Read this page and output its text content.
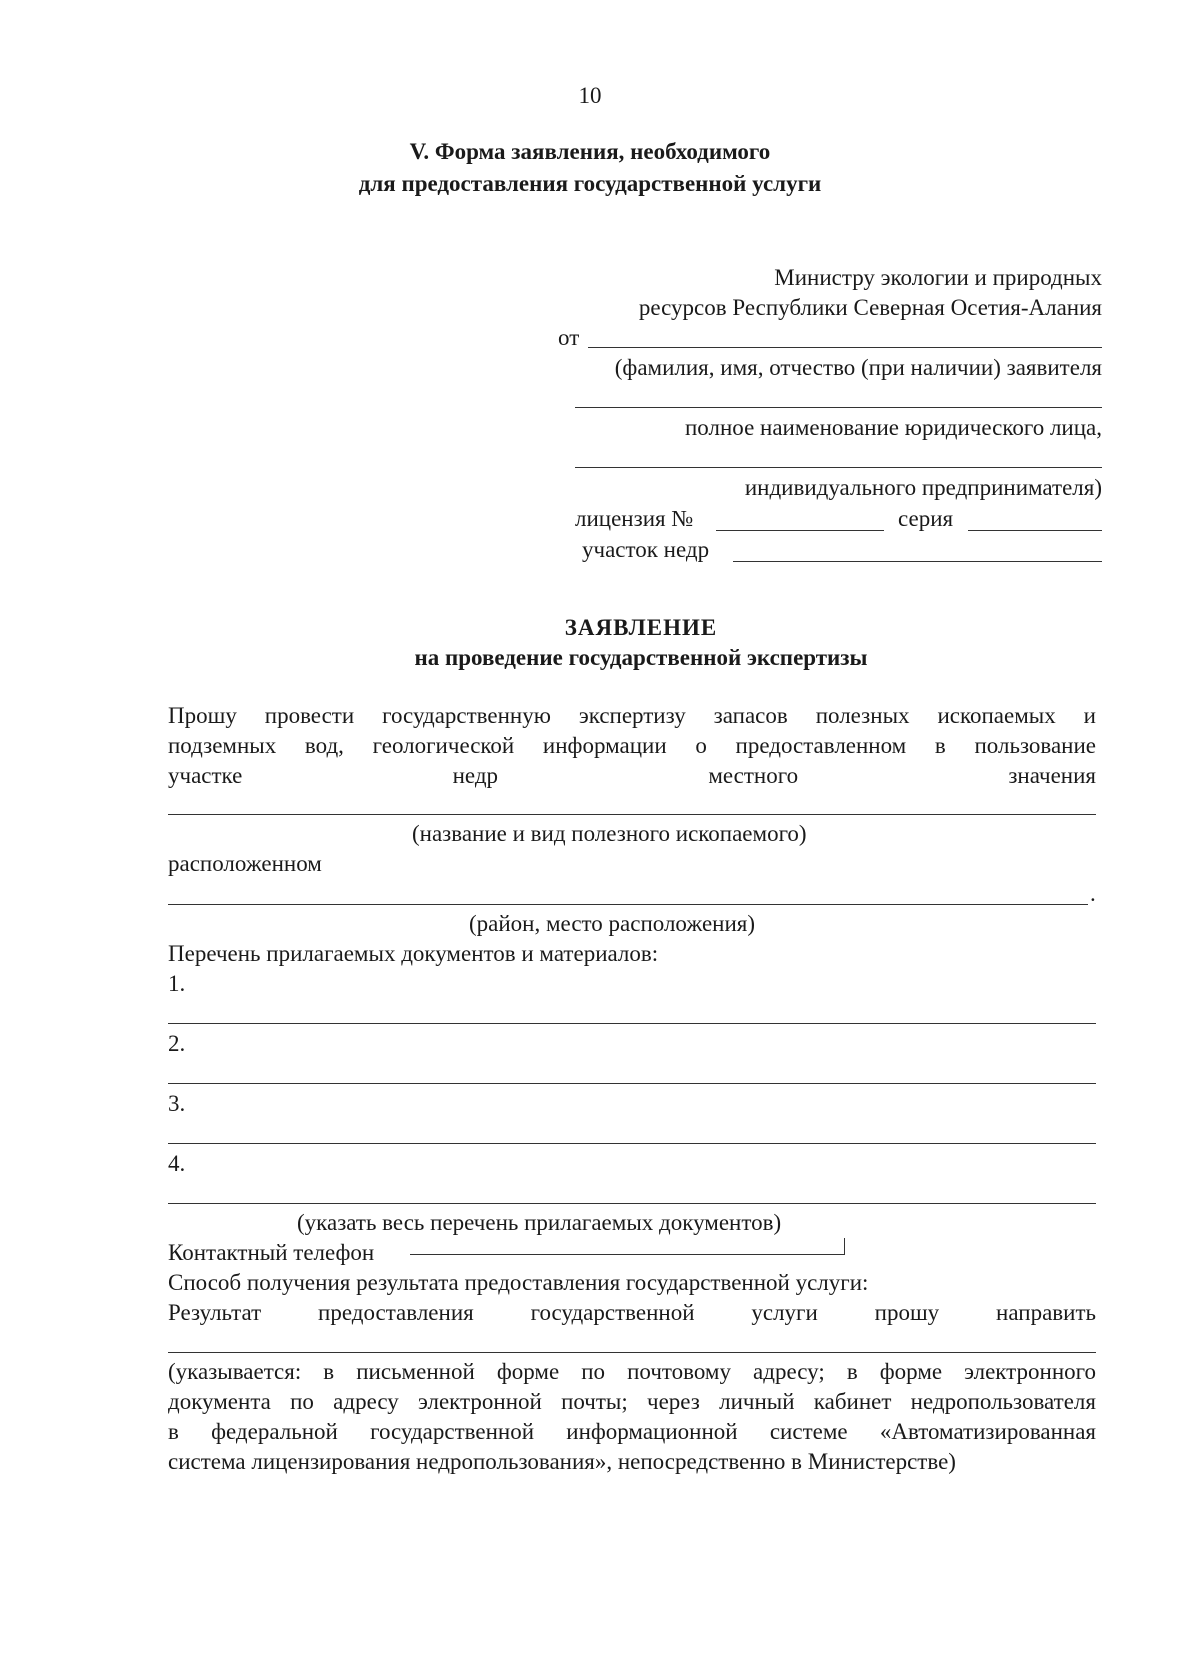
10
V. Форма заявления, необходимого
для предоставления государственной услуги
Министру экологии и природных
ресурсов Республики Северная Осетия-Алания
от
(фамилия, имя, отчество (при наличии) заявителя
полное наименование юридического лица,
индивидуального предпринимателя)
лицензия №	серия
участок недр
ЗАЯВЛЕНИЕ
на проведение государственной экспертизы
Прошу провести государственную экспертизу запасов полезных ископаемых и
подземных вод, геологической информации о предоставленном в пользование
участке	недр	местного	значения
(название и вид полезного ископаемого)
расположенном
.
(район, место расположения)
Перечень прилагаемых документов и материалов:
1.
2.
3.
4.
(указать весь перечень прилагаемых документов)
Контактный телефон
Способ получения результата предоставления государственной услуги:
Результат предоставления государственной услуги прошу направить
(указывается: в письменной форме по почтовому адресу; в форме электронного
документа по адресу электронной почты; через личный кабинет недропользователя
в федеральной государственной информационной системе «Автоматизированная
система лицензирования недропользования», непосредственно в Министерстве)
